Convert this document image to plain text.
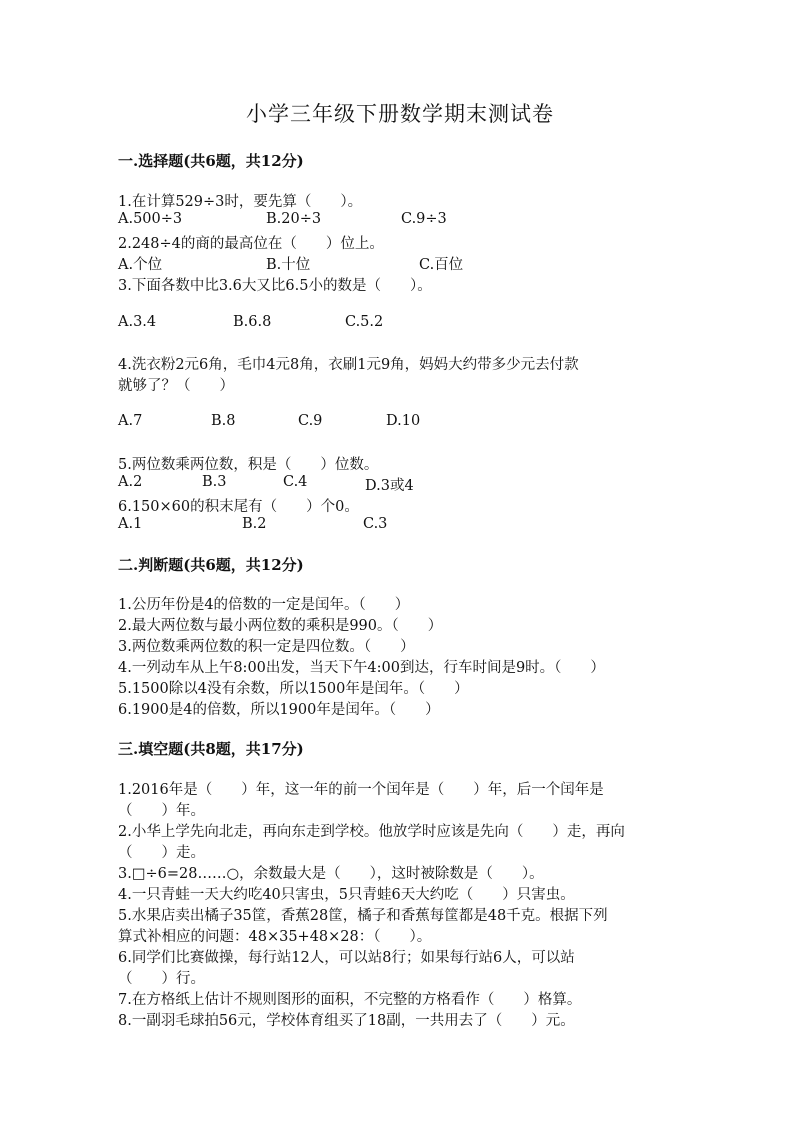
小学三年级下册数学期末测试卷
一.选择题(共6题，共12分)
1.在计算529÷3时，要先算（　　）。
A.500÷3	B.20÷3	C.9÷3
2.248÷4的商的最高位在（　　）位上。
A.个位	B.十位	C.百位
3.下面各数中比3.6大又比6.5小的数是（　　）。
A.3.4	B.6.8	C.5.2
4.洗衣粉2元6角，毛巾4元8角，衣刷1元9角，妈妈大约带多少元去付款
就够了？（　　）
A.7	B.8	C.9	D.10
5.两位数乘两位数，积是（　　）位数。
A.2	B.3	C.4	D.3或4
6.150×60的积末尾有（　　）个0。
A.1	B.2	C.3
二.判断题(共6题，共12分)
1.公历年份是4的倍数的一定是闰年。（　　）
2.最大两位数与最小两位数的乘积是990。（　　）
3.两位数乘两位数的积一定是四位数。（　　）
4.一列动车从上午8:00出发，当天下午4:00到达，行车时间是9时。（　　）
5.1500除以4没有余数，所以1500年是闰年。（　　）
6.1900是4的倍数，所以1900年是闰年。（　　）
三.填空题(共8题，共17分)
1.2016年是（　　）年，这一年的前一个闰年是（　　）年，后一个闰年是
（　　）年。
2.小华上学先向北走，再向东走到学校。他放学时应该是先向（　　）走，再向
（　　）走。
3.□÷6=28……○，余数最大是（　　），这时被除数是（　　）。
4.一只青蛙一天大约吃40只害虫，5只青蛙6天大约吃（　　）只害虫。
5.水果店卖出橘子35筐，香蕉28筐，橘子和香蕉每筐都是48千克。根据下列
算式补相应的问题：48×35+48×28：（　　）。
6.同学们比赛做操，每行站12人，可以站8行；如果每行站6人，可以站
（　　）行。
7.在方格纸上估计不规则图形的面积，不完整的方格看作（　　）格算。
8.一副羽毛球拍56元，学校体育组买了18副，一共用去了（　　）元。
